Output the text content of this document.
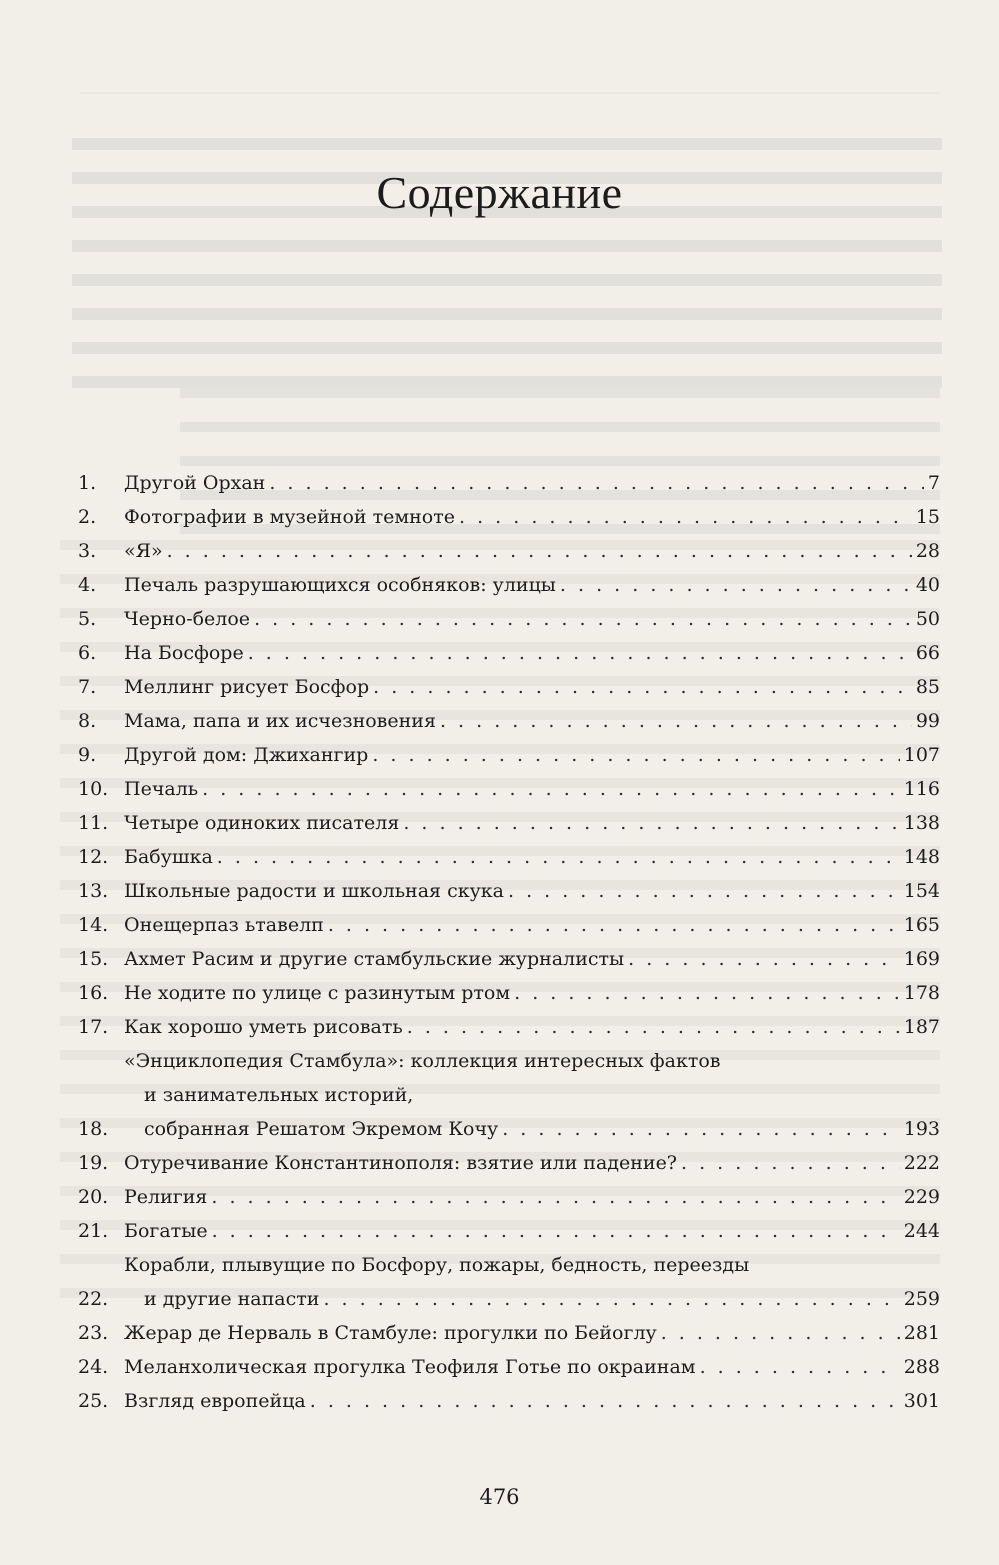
Содержание
1.	Другой Орхан . . .	7
2.	Фотографии в музейной темноте . . .	15
3.	«Я» . . .	28
4.	Печаль разрушающихся особняков: улицы . . .	40
5.	Черно-белое . . .	50
6.	На Босфоре . . .	66
7.	Меллинг рисует Босфор . . .	85
8.	Мама, папа и их исчезновения . . .	99
9.	Другой дом: Джихангир . . .	107
10. Печаль . . .	116
11. Четыре одиноких писателя . . .	138
12. Бабушка . . .	148
13. Школьные радости и школьная скука . . .	154
14. Онещерпаз ьтавелп . . .	165
15. Ахмет Расим и другие стамбульские журналисты . . .	169
16. Не ходите по улице с разинутым ртом . . .	178
17. Как хорошо уметь рисовать . . .	187
18.
«Энциклопедия Стамбула»: коллекция интересных фактов
и занимательных историй,
собранная Решатом Экремом Кочу . . .	193
19. Отуречивание Константинополя: взятие или падение? . . .	222
20. Религия . . .	229
21. Богатые . . .	244
22.
Корабли, плывущие по Босфору, пожары, бедность, переезды
и другие напасти . . .	259
23. Жерар де Нерваль в Стамбуле: прогулки по Бейоглу . . .	281
24. Меланхолическая прогулка Теофиля Готье по окраинам . . .	288
25. Взгляд европейца . . .	301
476
